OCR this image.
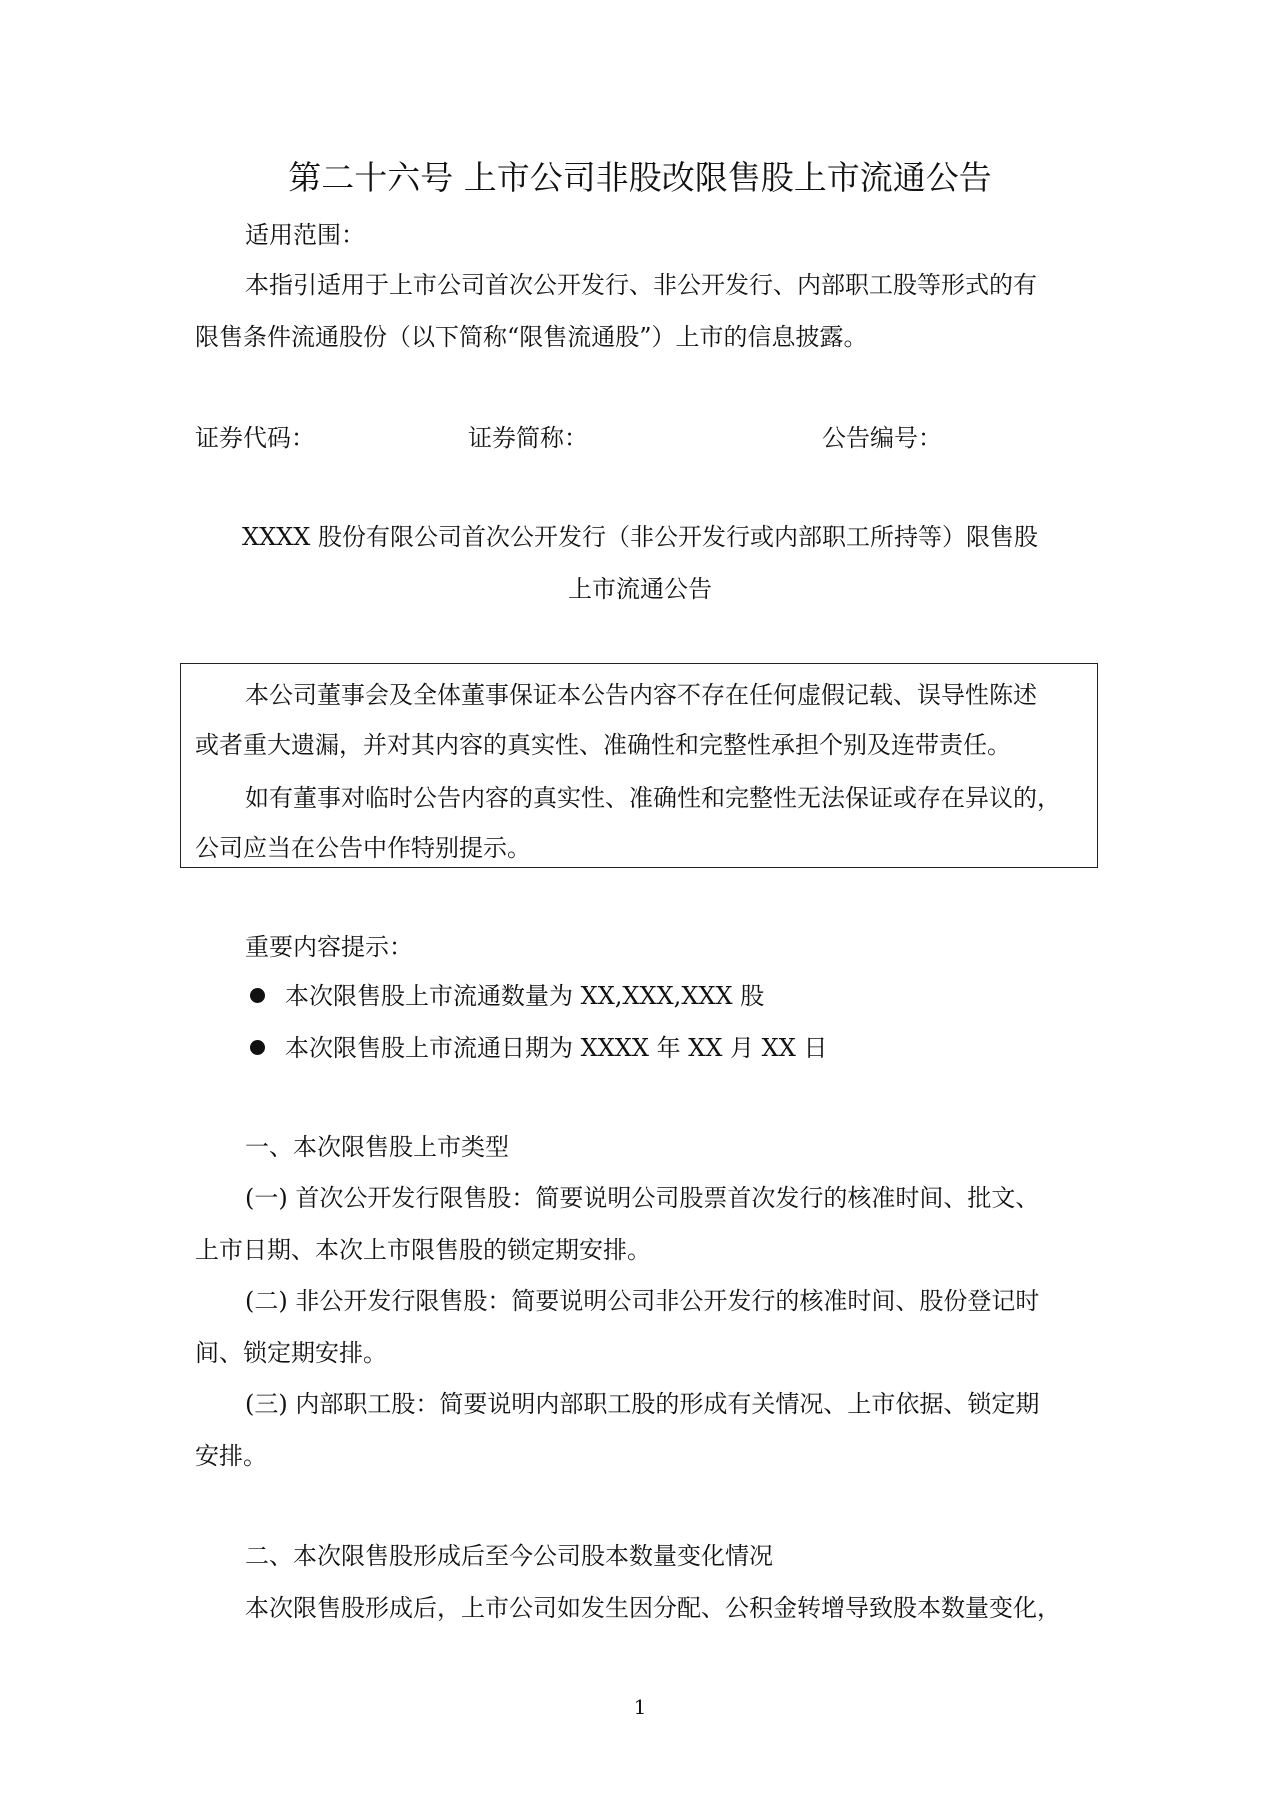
第二十六号 上市公司非股改限售股上市流通公告
适用范围：
本指引适用于上市公司首次公开发行、非公开发行、内部职工股等形式的有
限售条件流通股份（以下简称“限售流通股”）上市的信息披露。
证券代码：	证券简称：	公告编号：
XXXX 股份有限公司首次公开发行（非公开发行或内部职工所持等）限售股
上市流通公告
本公司董事会及全体董事保证本公告内容不存在任何虚假记载、误导性陈述
或者重大遗漏，并对其内容的真实性、准确性和完整性承担个别及连带责任。
如有董事对临时公告内容的真实性、准确性和完整性无法保证或存在异议的，
公司应当在公告中作特别提示。
重要内容提示：
本次限售股上市流通数量为 XX,XXX,XXX 股
本次限售股上市流通日期为 XXXX 年 XX 月 XX 日
一、本次限售股上市类型
(一) 首次公开发行限售股：简要说明公司股票首次发行的核准时间、批文、
上市日期、本次上市限售股的锁定期安排。
(二) 非公开发行限售股：简要说明公司非公开发行的核准时间、股份登记时
间、锁定期安排。
(三) 内部职工股：简要说明内部职工股的形成有关情况、上市依据、锁定期
安排。
二、本次限售股形成后至今公司股本数量变化情况
本次限售股形成后，上市公司如发生因分配、公积金转增导致股本数量变化，
1
